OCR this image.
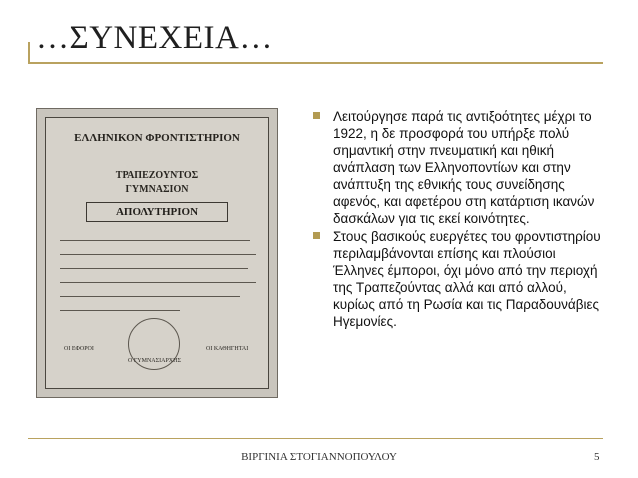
…ΣΥΝΕΧΕΙΑ…
ΕΛΛΗΝΙΚΟΝ ΦΡΟΝΤΙΣΤΗΡΙΟΝ
ΤΡΑΠΕΖΟΥΝΤΟΣ
ΓΥΜΝΑΣΙΟΝ
ΑΠΟΛΥΤΗΡΙΟΝ
ΟΙ ΕΦΟΡΟΙ
Ο ΓΥΜΝΑΣΙΑΡΧΗΣ
ΟΙ ΚΑΘΗΓΗΤΑΙ
Λειτούργησε παρά τις αντιξοότητες μέχρι το 1922, η δε προσφορά του υπήρξε πολύ σημαντική στην πνευματική και ηθική ανάπλαση των Ελληνοποντίων και στην ανάπτυξη της εθνικής τους συνείδησης αφενός, και αφετέρου στη κατάρτιση ικανών δασκάλων για τις εκεί κοινότητες.
Στους βασικούς ευεργέτες του φροντιστηρίου περιλαμβάνονται επίσης και πλούσιοι Έλληνες έμποροι, όχι μόνο από την περιοχή της Τραπεζούντας αλλά και από αλλού, κυρίως από τη Ρωσία και τις Παραδουνάβιες Ηγεμονίες.
ΒΙΡΓΙΝΙΑ ΣΤΟΓΙΑΝΝΟΠΟΥΛΟΥ	5
